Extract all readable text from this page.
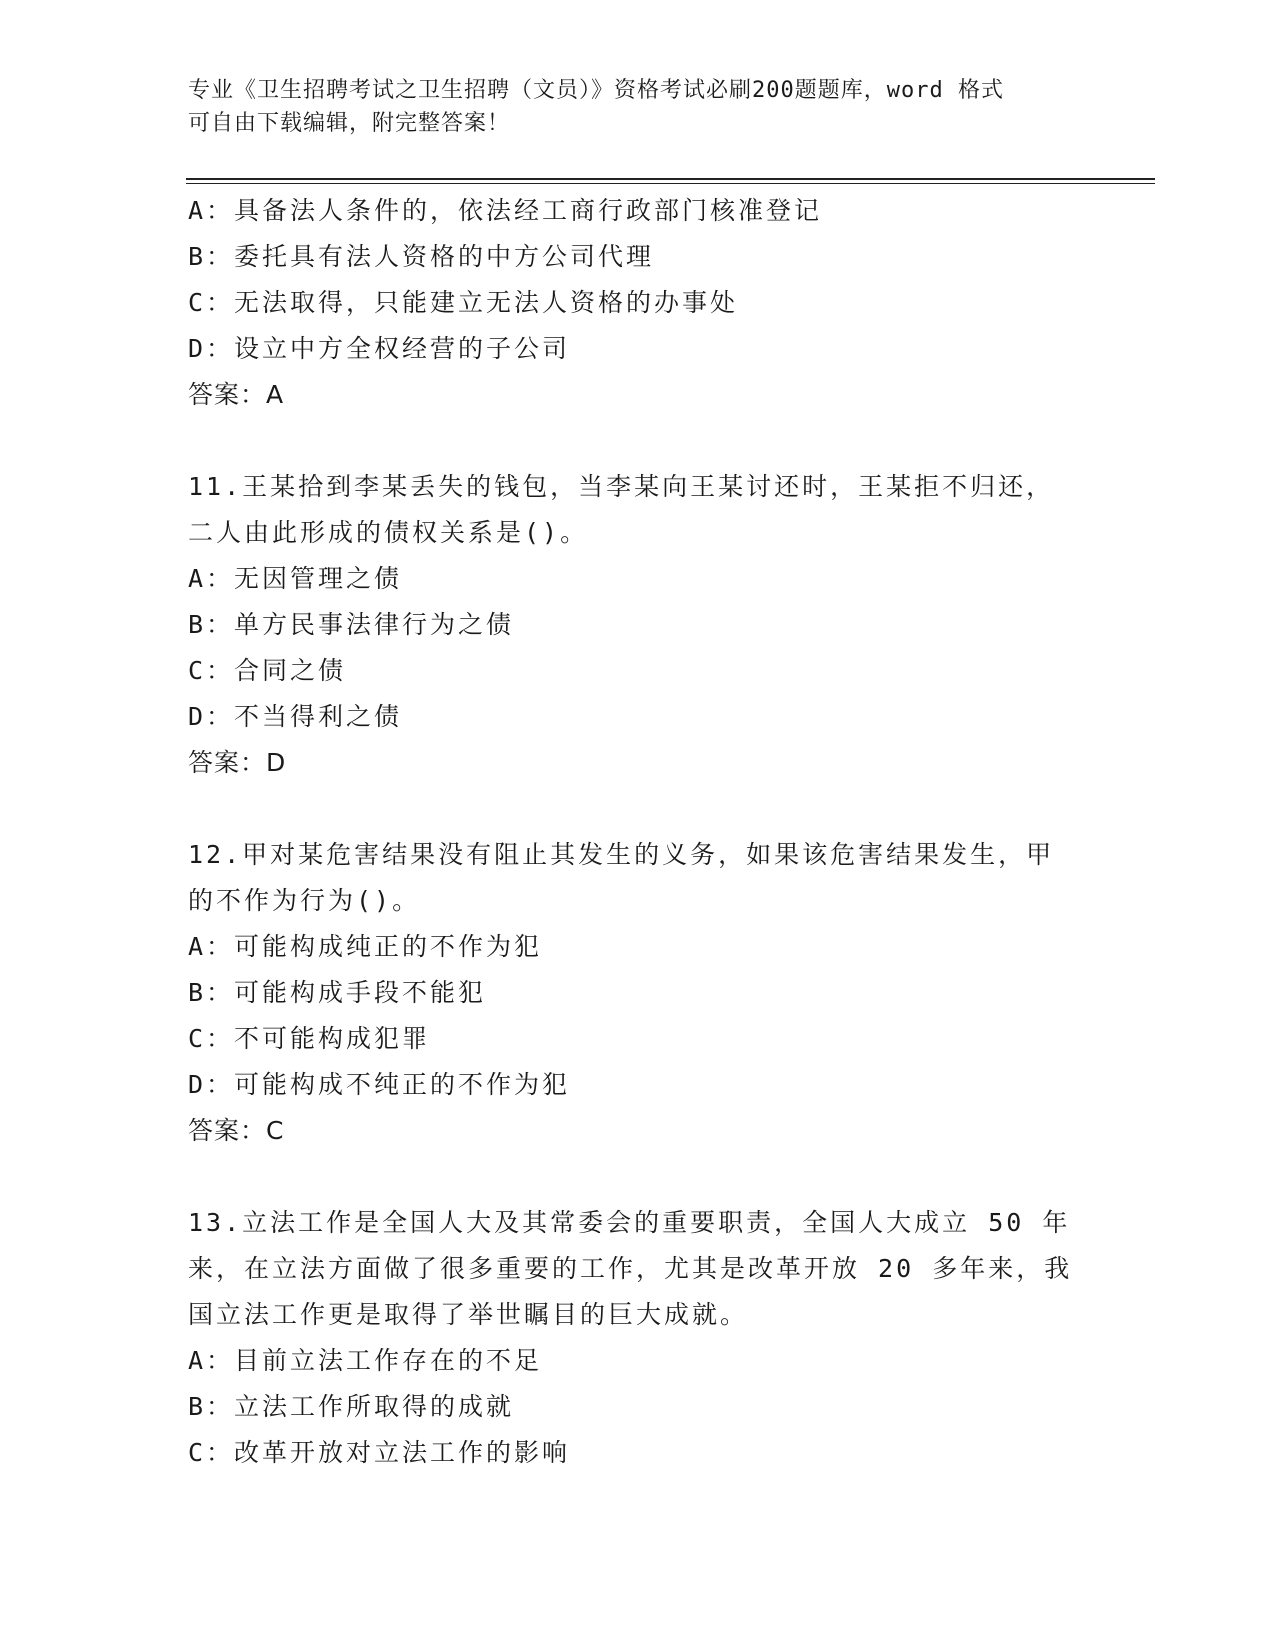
专业《卫生招聘考试之卫生招聘（文员）》资格考试必刷200题题库，word 格式
可自由下载编辑，附完整答案！
A：具备法人条件的，依法经工商行政部门核准登记
B：委托具有法人资格的中方公司代理
C：无法取得，只能建立无法人资格的办事处
D：设立中方全权经营的子公司
答案：A
11.王某拾到李某丢失的钱包，当李某向王某讨还时，王某拒不归还，
二人由此形成的债权关系是()。
A：无因管理之债
B：单方民事法律行为之债
C：合同之债
D：不当得利之债
答案：D
12.甲对某危害结果没有阻止其发生的义务，如果该危害结果发生，甲
的不作为行为()。
A：可能构成纯正的不作为犯
B：可能构成手段不能犯
C：不可能构成犯罪
D：可能构成不纯正的不作为犯
答案：C
13.立法工作是全国人大及其常委会的重要职责，全国人大成立 50 年
来，在立法方面做了很多重要的工作，尤其是改革开放 20 多年来，我
国立法工作更是取得了举世瞩目的巨大成就。
A：目前立法工作存在的不足
B：立法工作所取得的成就
C：改革开放对立法工作的影响
